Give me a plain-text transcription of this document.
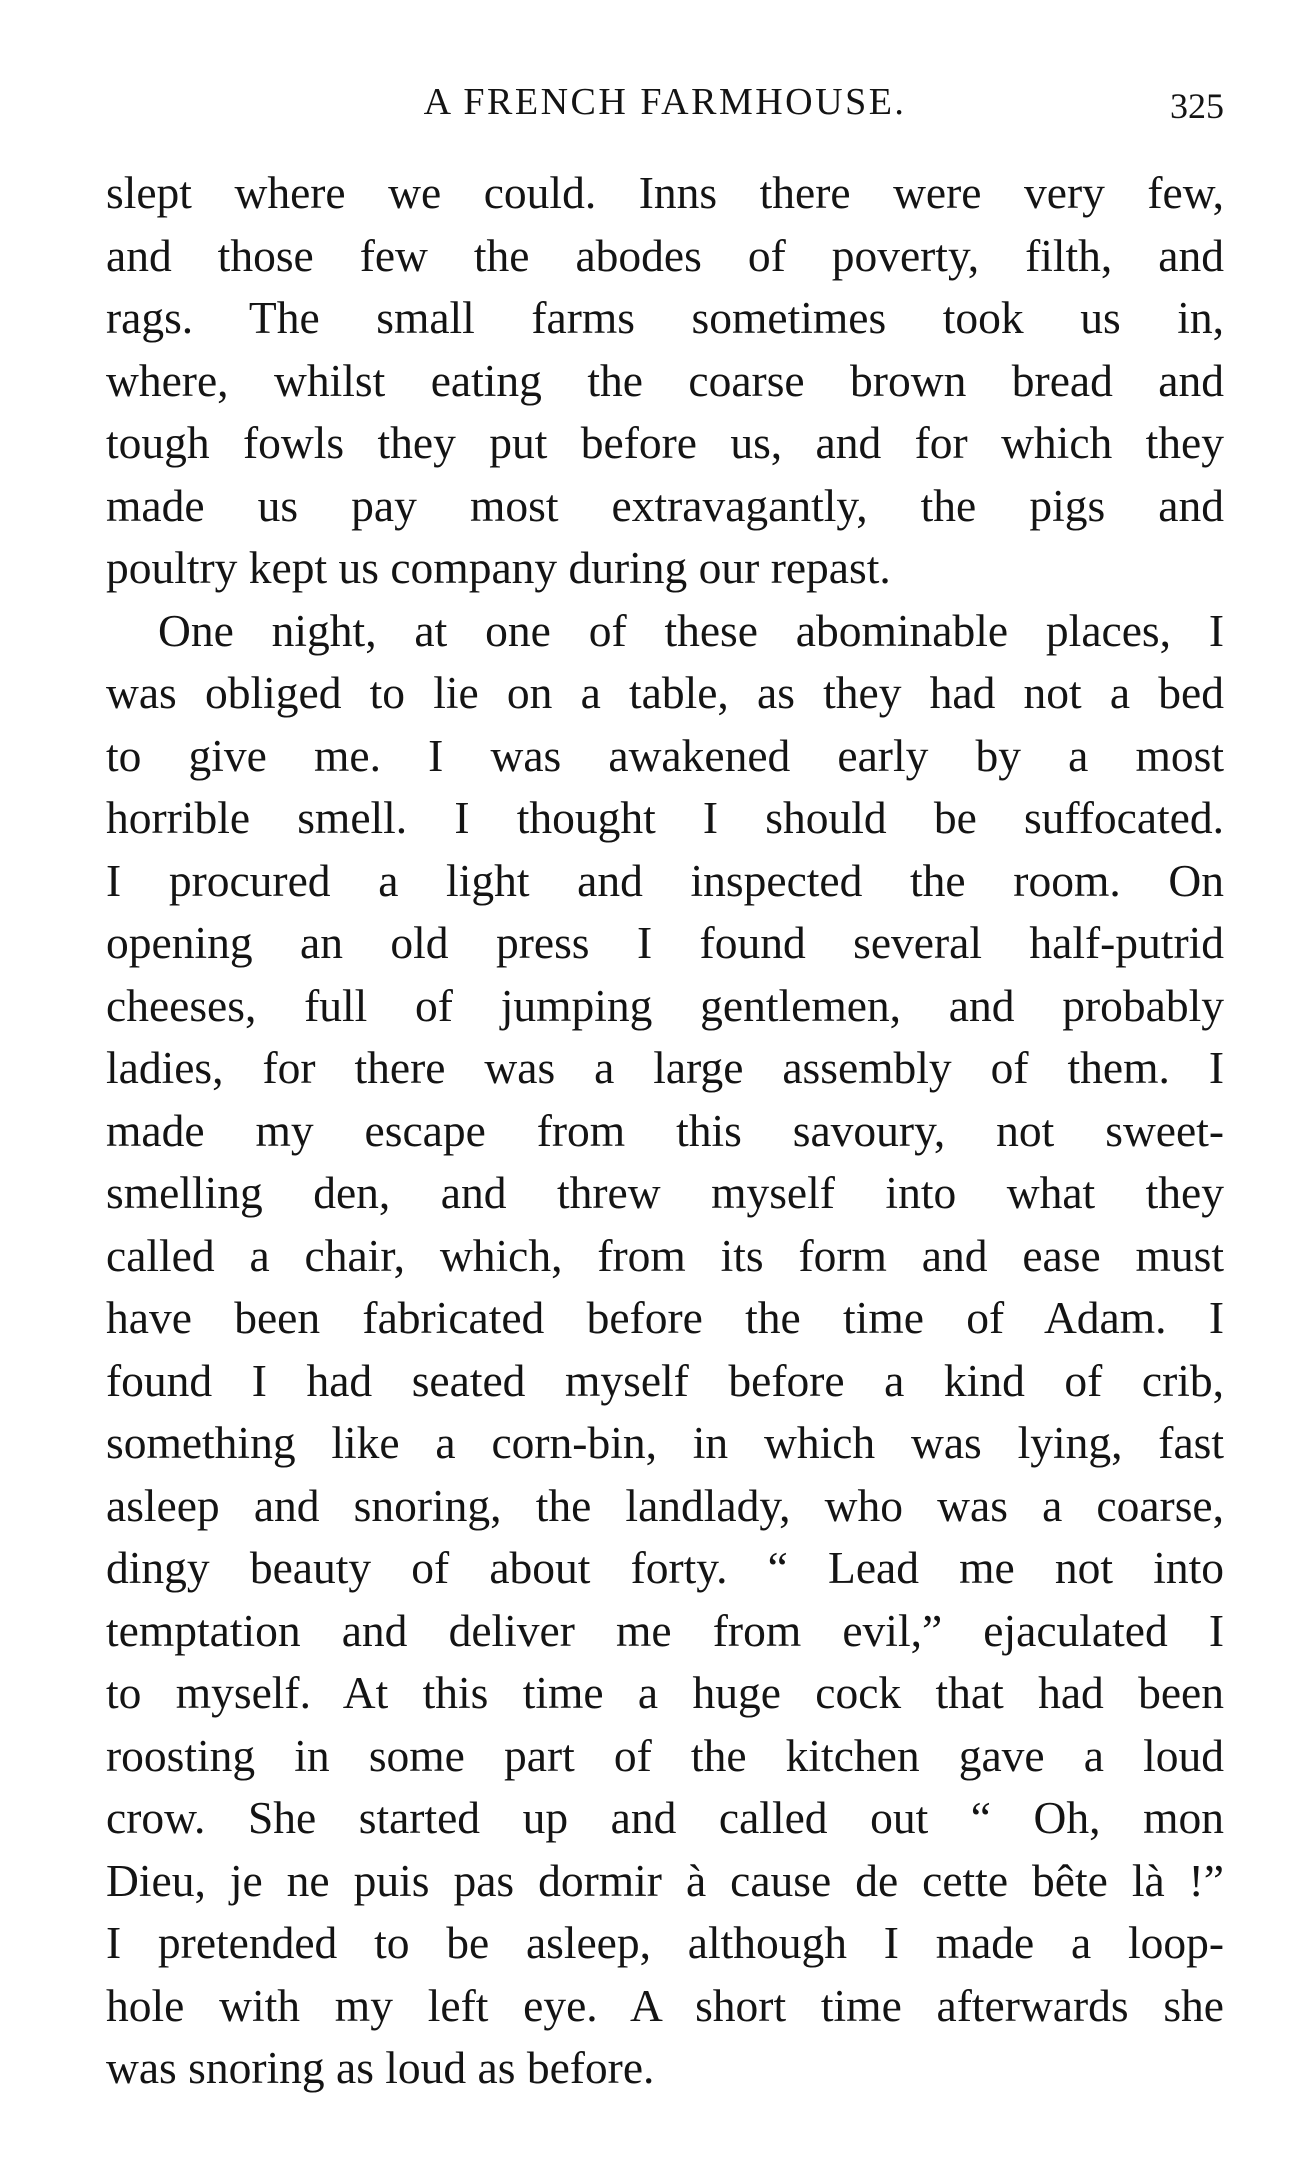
A FRENCH FARMHOUSE.	325
slept where we could. Inns there were very few,
and those few the abodes of poverty, filth, and
rags. The small farms sometimes took us in,
where, whilst eating the coarse brown bread and
tough fowls they put before us, and for which they
made us pay most extravagantly, the pigs and
poultry kept us company during our repast.
One night, at one of these abominable places, I
was obliged to lie on a table, as they had not a bed
to give me. I was awakened early by a most
horrible smell. I thought I should be suffocated.
I procured a light and inspected the room. On
opening an old press I found several half-putrid
cheeses, full of jumping gentlemen, and probably
ladies, for there was a large assembly of them. I
made my escape from this savoury, not sweet-
smelling den, and threw myself into what they
called a chair, which, from its form and ease must
have been fabricated before the time of Adam. I
found I had seated myself before a kind of crib,
something like a corn-bin, in which was lying, fast
asleep and snoring, the landlady, who was a coarse,
dingy beauty of about forty. “ Lead me not into
temptation and deliver me from evil,” ejaculated I
to myself. At this time a huge cock that had been
roosting in some part of the kitchen gave a loud
crow. She started up and called out “ Oh, mon
Dieu, je ne puis pas dormir à cause de cette bête là !”
I pretended to be asleep, although I made a loop-
hole with my left eye. A short time afterwards she
was snoring as loud as before.
